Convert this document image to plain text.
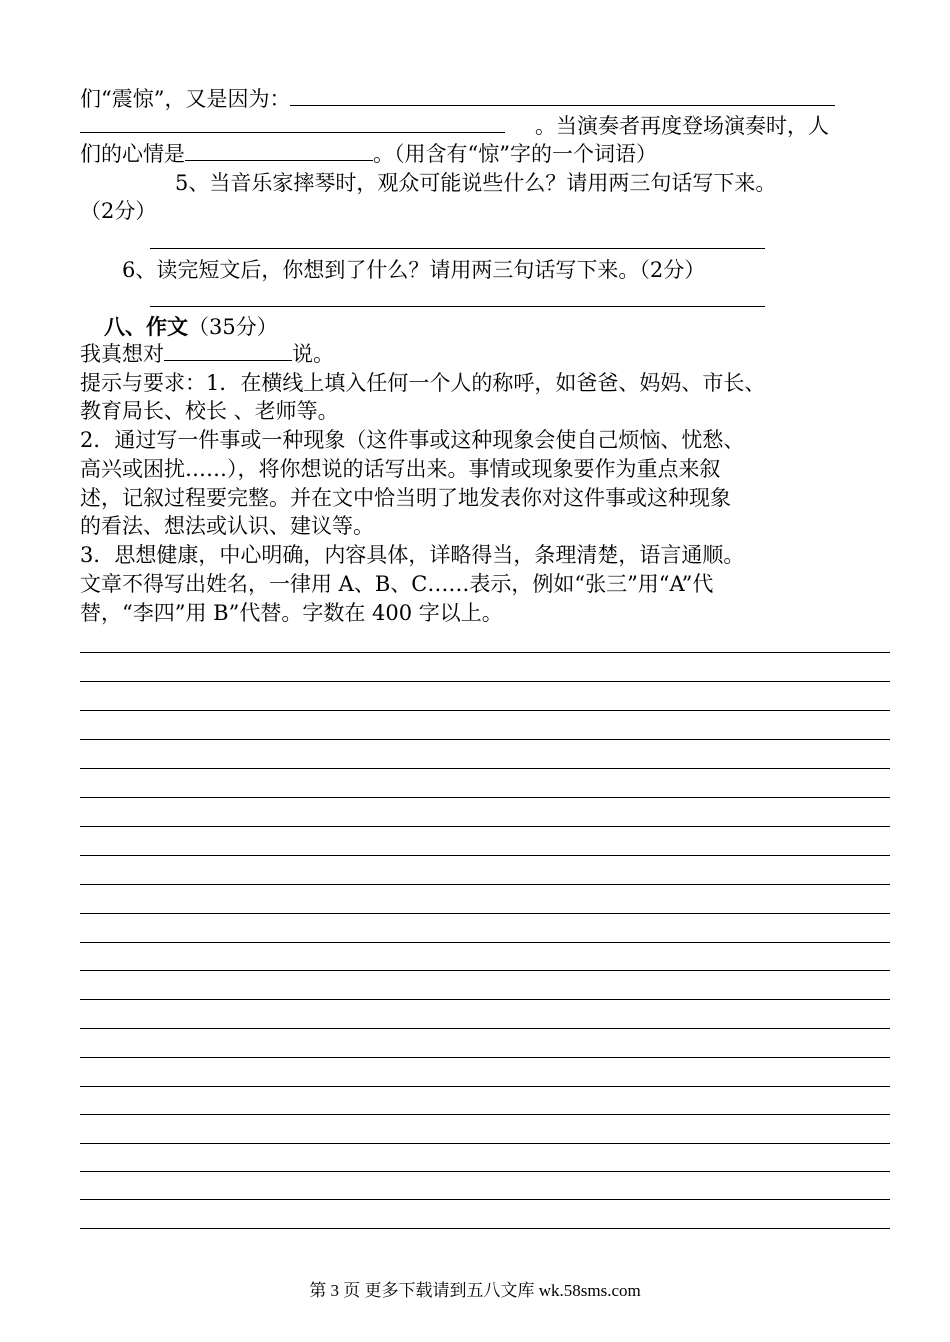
们“震惊”，又是因为：
。当演奏者再度登场演奏时，人
们的心情是	。（用含有“惊”字的一个词语）
5、当音乐家摔琴时，观众可能说些什么？请用两三句话写下来。
（2分）
6、读完短文后，你想到了什么？请用两三句话写下来。（2分）
八、作文（35分）
我真想对	说。
提示与要求：1．在横线上填入任何一个人的称呼，如爸爸、妈妈、市长、
教育局长、校长 、老师等。
2．通过写一件事或一种现象（这件事或这种现象会使自己烦恼、忧愁、
高兴或困扰……），将你想说的话写出来。事情或现象要作为重点来叙
述，记叙过程要完整。并在文中恰当明了地发表你对这件事或这种现象
的看法、想法或认识、建议等。
3．思想健康，中心明确，内容具体，详略得当，条理清楚，语言通顺。
文章不得写出姓名，一律用 A、B、C……表示，例如“张三”用“A”代
替，“李四”用 B”代替。字数在 400 字以上。
第 3 页 更多下载请到五八文库 wk.58sms.com
